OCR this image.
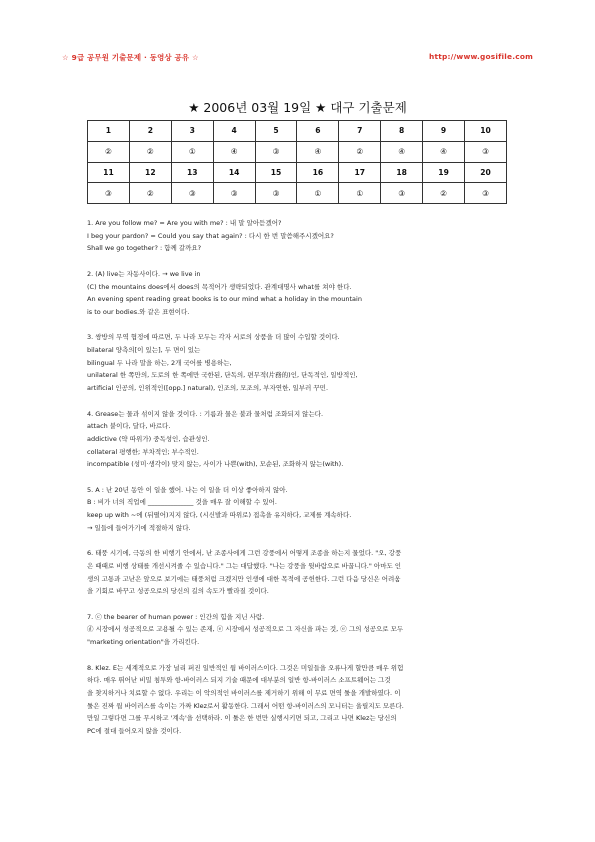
☆ 9급 공무원 기출문제 · 동영상 공유 ☆	http://www.gosifile.com
★ 2006년 03월 19일 ★ 대구 기출문제
1	2	3	4	5	6	7	8	9	10
②	②	①	④	③	④	②	④	④	③
11	12	13	14	15	16	17	18	19	20
③	②	③	③	③	①	①	③	②	③
1. Are you follow me? = Are you with me? : 내 말 알아듣겠어?
I beg your pardon? = Could you say that again? : 다시 한 번 말씀해주시겠어요?
Shall we go together? : 함께 갈까요?
2. (A) live는 자동사이다. → we live in
(C) the mountains does에서 does의 목적어가 생략되었다. 관계대명사 what를 쳐야 한다.
An evening spent reading great books is to our mind what a holiday in the mountain
is to our bodies.와 같은 표현이다.
3. 쌍방의 무역 협정에 따르면, 두 나라 모두는 각자 서로의 상품을 더 많이 수입할 것이다.
bilateral 양측의[이 있는], 두 면이 있는
bilingual 두 나라 말을 하는, 2개 국어를 병용하는,
unilateral 한 쪽만의, 도로의 한 쪽에만 국한된, 단독의, 편무적(片務的)인, 단독적인, 일방적인,
artificial 인공의, 인위적인([opp.] natural), 인조의, 모조의, 부자연한, 일부러 꾸민.
4. Grease는 물과 섞이지 않을 것이다. : 기름과 물은 불과 물처럼 조화되지 않는다.
attach 붙이다, 달다, 바르다.
addictive (약 따위가) 중독성인, 습관성인.
collateral 평행한; 부차적인; 부수적인.
incompatible (성미·생각이) 맞지 않는, 사이가 나쁜(with), 모순된, 조화하지 않는(with).
5. A : 난 20년 동안 이 일을 했어. 나는 이 일을 더 이상 좋아하지 않아.
B : 비가 너의 직업에 ______________ 것을 매우 잘 이해할 수 있어.
keep up with ~에 (뒤떨어)지지 않다, (시신발과 따위로) 접촉을 유지하다, 교제를 계속하다.
→ 일들에 들어가기에 적절하지 않다.
6. 태풍 시기에, 극동의 한 비행기 안에서, 난 조종사에게 그런 강풍에서 어떻게 조종을 하는지 물었다. "오, 강풍
은 때때로 비행 상태를 개선시켜줄 수 있습니다." 그는 대답했다. "나는 강풍을 뒷바람으로 바꿉니다." 아마도 인
생의 고통과 고난은 앞으로 보기에는 태풍처럼 크겠지만 인생에 대한 목적에 공헌한다. 그런 다음 당신은 어려움
을 기회로 바꾸고 성공으로의 당신의 길의 속도가 빨라질 것이다.
7. ⓒ the bearer of human power : 인간의 힘을 지닌 사람.
ⓓ 시장에서 성공적으로 고용될 수 있는 존재, ⓔ 시장에서 성공적으로 그 자신을 파는 것, ⓔ 그의 성공으로 모두
"marketing orientation"을 가리킨다.
8. Klez. E는 세계적으로 가장 널리 퍼진 일반적인 웜 바이러스이다. 그것은 미일들을 오류나게 할만큼 매우 위험
하다. 매우 뛰어난 비밀 침투와 항-바이러스 되지 기술 때문에 대부분의 일반 항-바이러스 소프트웨어는 그것
을 찾지하거나 치료할 수 없다. 우리는 이 악의적인 바이러스를 제거하기 위해 이 무료 면역 툴을 개발하였다. 이
툴은 진짜 웜 바이러스를 속이는 가짜 Klez로서 활동한다. 그래서 어떤 항-바이러스의 모니터는 울릴지도 모른다.
만일 그렇다면 그를 무시하고 '계속'을 선택하라. 이 툴은 한 번만 실행시키면 되고, 그리고 나면 Klez는 당신의
PC에 절대 들어오지 않을 것이다.
